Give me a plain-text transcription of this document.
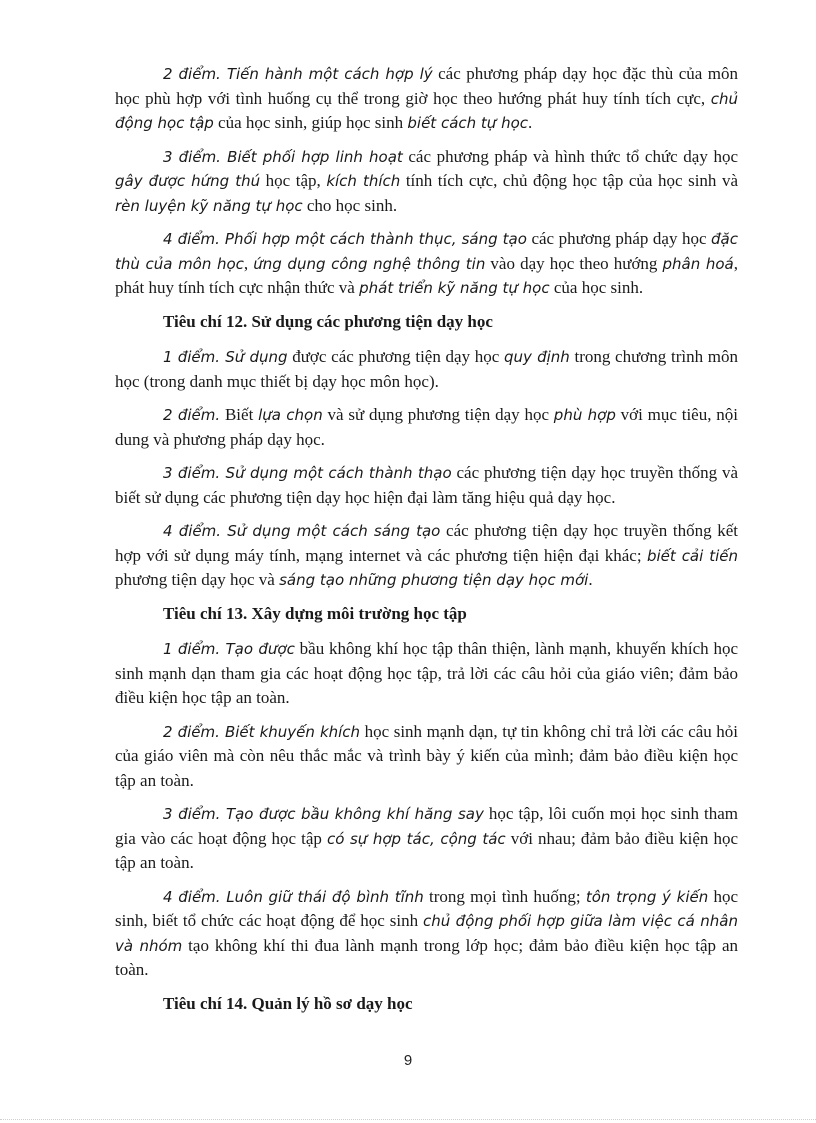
2 điểm. Tiến hành một cách hợp lý các phương pháp dạy học đặc thù của môn học phù hợp với tình huống cụ thể trong giờ học theo hướng phát huy tính tích cực, chủ động học tập của học sinh, giúp học sinh biết cách tự học.

3 điểm. Biết phối hợp linh hoạt các phương pháp và hình thức tổ chức dạy học gây được hứng thú học tập, kích thích tính tích cực, chủ động học tập của học sinh và rèn luyện kỹ năng tự học cho học sinh.

4 điểm. Phối hợp một cách thành thục, sáng tạo các phương pháp dạy học đặc thù của môn học, ứng dụng công nghệ thông tin vào dạy học theo hướng phân hoá, phát huy tính tích cực nhận thức và phát triển kỹ năng tự học của học sinh.

Tiêu chí 12. Sử dụng các phương tiện dạy học

1 điểm. Sử dụng được các phương tiện dạy học quy định trong chương trình môn học (trong danh mục thiết bị dạy học môn học).

2 điểm. Biết lựa chọn và sử dụng phương tiện dạy học phù hợp với mục tiêu, nội dung và phương pháp dạy học.

3 điểm. Sử dụng một cách thành thạo các phương tiện dạy học truyền thống và biết sử dụng các phương tiện dạy học hiện đại làm tăng hiệu quả dạy học.

4 điểm. Sử dụng một cách sáng tạo các phương tiện dạy học truyền thống kết hợp với sử dụng máy tính, mạng internet và các phương tiện hiện đại khác; biết cải tiến phương tiện dạy học và sáng tạo những phương tiện dạy học mới.

Tiêu chí 13. Xây dựng môi trường học tập

1 điểm. Tạo được bầu không khí học tập thân thiện, lành mạnh, khuyến khích học sinh mạnh dạn tham gia các hoạt động học tập, trả lời các câu hỏi của giáo viên; đảm bảo điều kiện học tập an toàn.

2 điểm. Biết khuyến khích học sinh mạnh dạn, tự tin không chỉ trả lời các câu hỏi của giáo viên mà còn nêu thắc mắc và trình bày ý kiến của mình; đảm bảo điều kiện học tập an toàn.

3 điểm. Tạo được bầu không khí hăng say học tập, lôi cuốn mọi học sinh tham gia vào các hoạt động học tập có sự hợp tác, cộng tác với nhau; đảm bảo điều kiện học tập an toàn.

4 điểm. Luôn giữ thái độ bình tĩnh trong mọi tình huống; tôn trọng ý kiến học sinh, biết tổ chức các hoạt động để học sinh chủ động phối hợp giữa làm việc cá nhân và nhóm tạo không khí thi đua lành mạnh trong lớp học; đảm bảo điều kiện học tập an toàn.

Tiêu chí 14. Quản lý hồ sơ dạy học

9
